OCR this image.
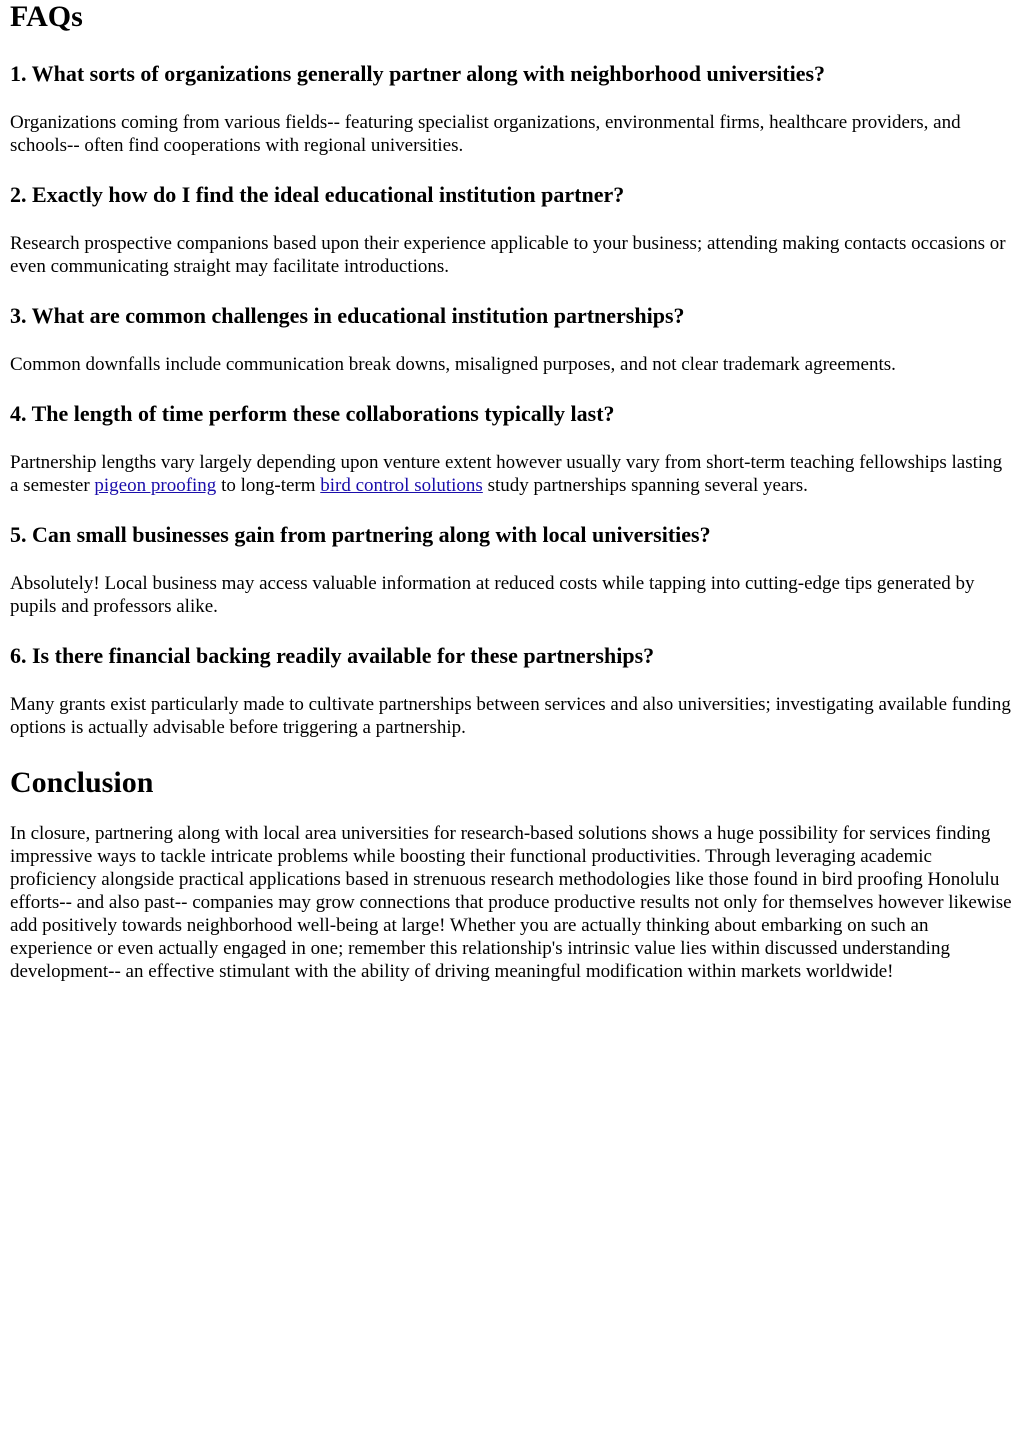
FAQs
1. What sorts of organizations generally partner along with neighborhood universities?

Organizations coming from various fields-- featuring specialist organizations, environmental firms, healthcare providers, and schools-- often find cooperations with regional universities.

2. Exactly how do I find the ideal educational institution partner?

Research prospective companions based upon their experience applicable to your business; attending making contacts occasions or even communicating straight may facilitate introductions.

3. What are common challenges in educational institution partnerships?

Common downfalls include communication break downs, misaligned purposes, and not clear trademark agreements.

4. The length of time perform these collaborations typically last?

Partnership lengths vary largely depending upon venture extent however usually vary from short-term teaching fellowships lasting a semester pigeon proofing to long-term bird control solutions study partnerships spanning several years.

5. Can small businesses gain from partnering along with local universities?

Absolutely! Local business may access valuable information at reduced costs while tapping into cutting-edge tips generated by pupils and professors alike.

6. Is there financial backing readily available for these partnerships?

Many grants exist particularly made to cultivate partnerships between services and also universities; investigating available funding options is actually advisable before triggering a partnership.

Conclusion

In closure, partnering along with local area universities for research-based solutions shows a huge possibility for services finding impressive ways to tackle intricate problems while boosting their functional productivities. Through leveraging academic proficiency alongside practical applications based in strenuous research methodologies like those found in bird proofing Honolulu efforts-- and also past-- companies may grow connections that produce productive results not only for themselves however likewise add positively towards neighborhood well-being at large! Whether you are actually thinking about embarking on such an experience or even actually engaged in one; remember this relationship's intrinsic value lies within discussed understanding development-- an effective stimulant with the ability of driving meaningful modification within markets worldwide!
